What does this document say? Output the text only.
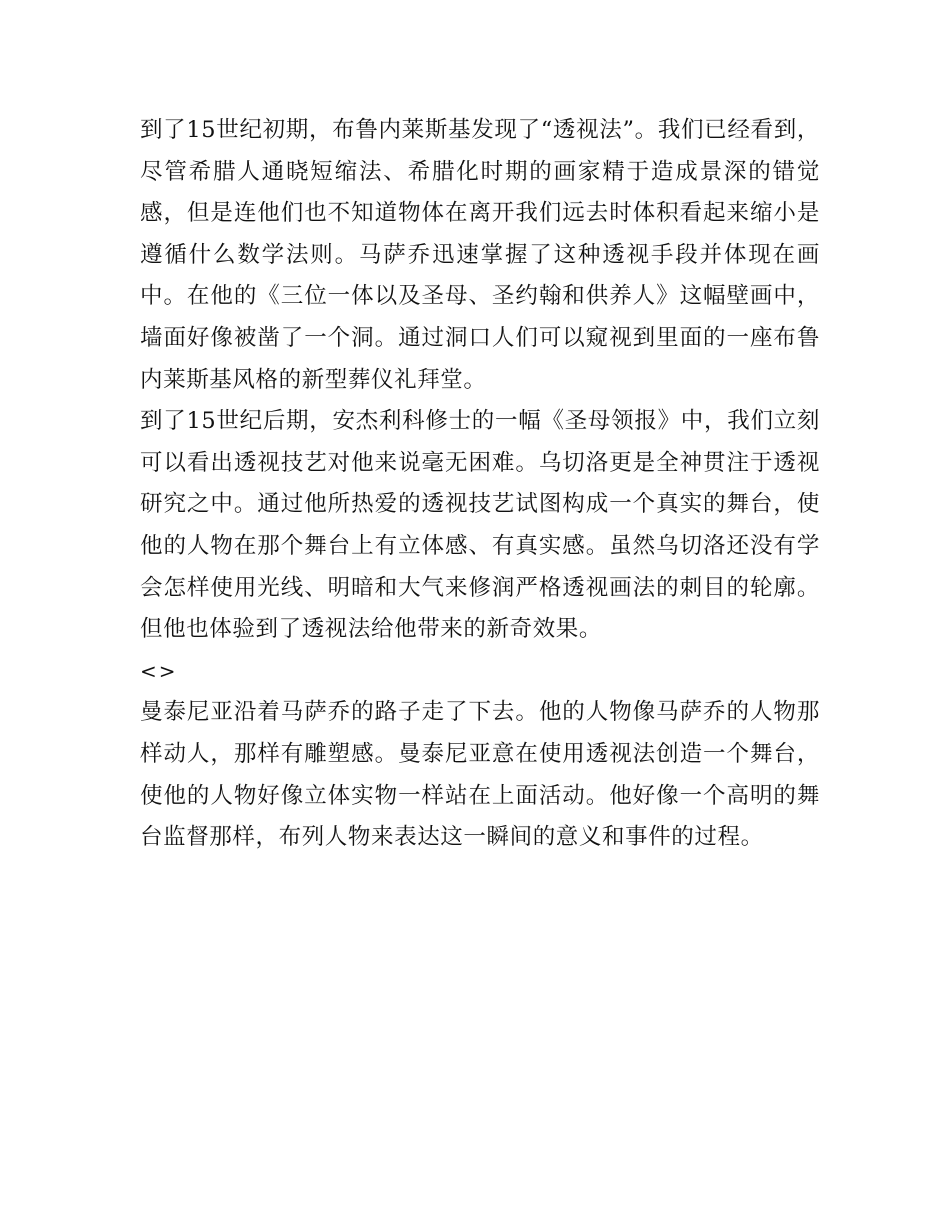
到了15世纪初期，布鲁内莱斯基发现了“透视法”。我们已经看到，尽管希腊人通晓短缩法、希腊化时期的画家精于造成景深的错觉感，但是连他们也不知道物体在离开我们远去时体积看起来缩小是遵循什么数学法则。马萨乔迅速掌握了这种透视手段并体现在画中。在他的《三位一体以及圣母、圣约翰和供养人》这幅壁画中，墙面好像被凿了一个洞。通过洞口人们可以窥视到里面的一座布鲁内莱斯基风格的新型葬仪礼拜堂。

到了15世纪后期，安杰利科修士的一幅《圣母领报》中，我们立刻可以看出透视技艺对他来说毫无困难。乌切洛更是全神贯注于透视研究之中。通过他所热爱的透视技艺试图构成一个真实的舞台，使他的人物在那个舞台上有立体感、有真实感。虽然乌切洛还没有学会怎样使用光线、明暗和大气来修润严格透视画法的刺目的轮廓。但他也体验到了透视法给他带来的新奇效果。

<>

曼泰尼亚沿着马萨乔的路子走了下去。他的人物像马萨乔的人物那样动人，那样有雕塑感。曼泰尼亚意在使用透视法创造一个舞台，使他的人物好像立体实物一样站在上面活动。他好像一个高明的舞台监督那样，布列人物来表达这一瞬间的意义和事件的过程。
